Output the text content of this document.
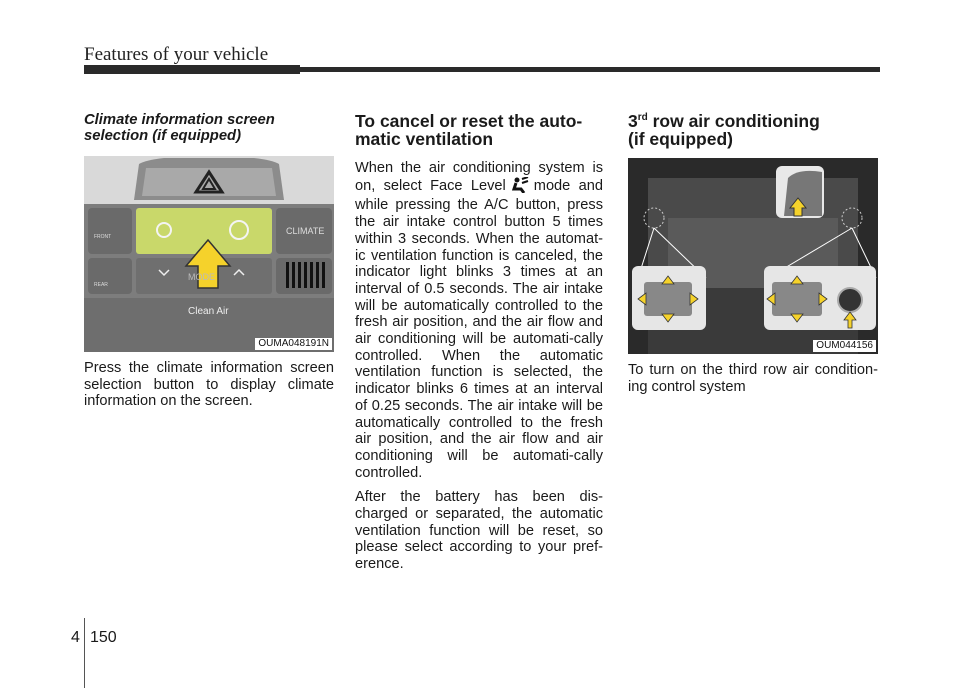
Features of your vehicle
Climate information screen selection (if equipped)
FRONT
REAR
CLIMATE
MODE
Clean Air
OUMA048191N

Press the climate information screen selection button to display climate information on the screen.

To cancel or reset the auto-matic ventilation

When the air conditioning system is on, select Face Level mode and while pressing the A/C button, press the air intake control button 5 times within 3 seconds. When the automat-ic ventilation function is canceled, the indicator light blinks 3 times at an interval of 0.5 seconds. The air intake will be automatically controlled to the fresh air position, and the air flow and air conditioning will be automati-cally controlled. When the automatic ventilation function is selected, the indicator blinks 6 times at an interval of 0.25 seconds. The air intake will be automatically controlled to the fresh air position, and the air flow and air conditioning will be automati-cally controlled.

After the battery has been dis-charged or separated, the automatic ventilation function will be reset, so please select according to your pref-erence.

3rd row air conditioning
(if equipped)
OUM044156

To turn on the third row air condition-ing control system

4 150
